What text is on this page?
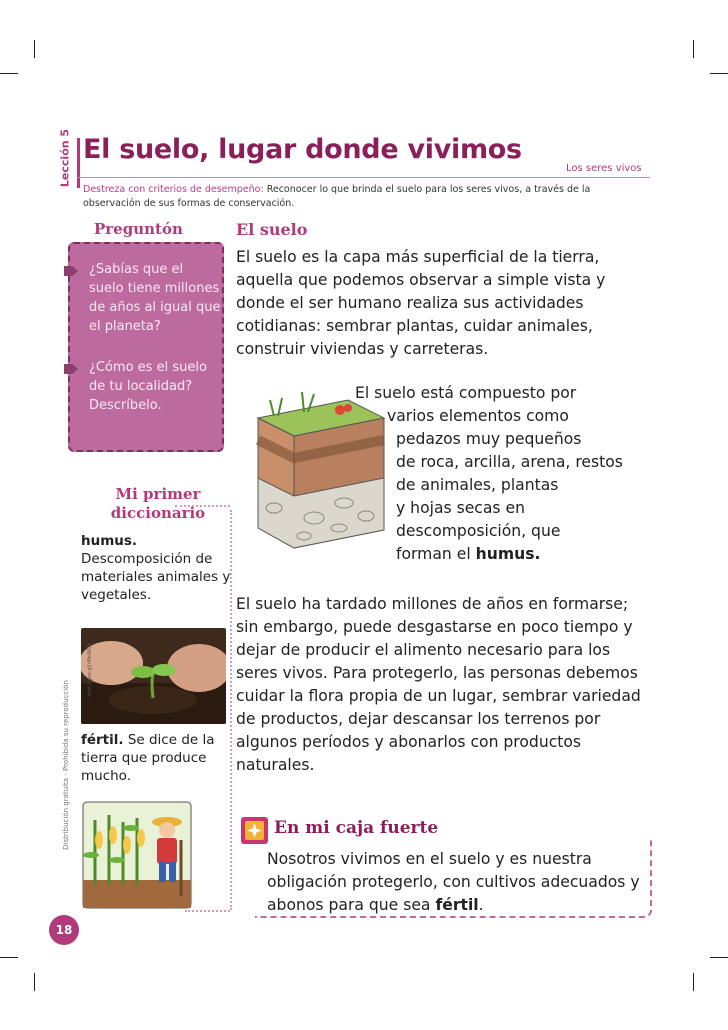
Lección 5 El suelo, lugar donde vivimos
Los seres vivos
Destreza con criterios de desempeño: Reconocer lo que brinda el suelo para los seres vivos, a través de la observación de sus formas de conservación.
Preguntón
¿Sabías que el suelo tiene millones de años al igual que el planeta?
¿Cómo es el suelo de tu localidad? Descríbelo.
Mi primer
diccionario
humus.
Descomposición de materiales animales y vegetales.
http://goo.gl/rMeWQk
fértil. Se dice de la tierra que produce mucho.
El suelo
El suelo es la capa más superficial de la tierra, aquella que podemos observar a simple vista y donde el ser humano realiza sus actividades cotidianas: sembrar plantas, cuidar animales, construir viviendas y carreteras.
El suelo está compuesto por
varios elementos como
pedazos muy pequeños
de roca, arcilla, arena, restos
de animales, plantas
y hojas secas en
descomposición, que
forman el humus.
El suelo ha tardado millones de años en formarse; sin embargo, puede desgastarse en poco tiempo y dejar de producir el alimento necesario para los seres vivos. Para protegerlo, las personas debemos cuidar la flora propia de un lugar, sembrar variedad de productos, dejar descansar los terrenos por algunos períodos y abonarlos con productos naturales.
En mi caja fuerte
Nosotros vivimos en el suelo y es nuestra obligación protegerlo, con cultivos adecuados y abonos para que sea fértil.
Distribución gratuita - Prohibida su reproducción
18
